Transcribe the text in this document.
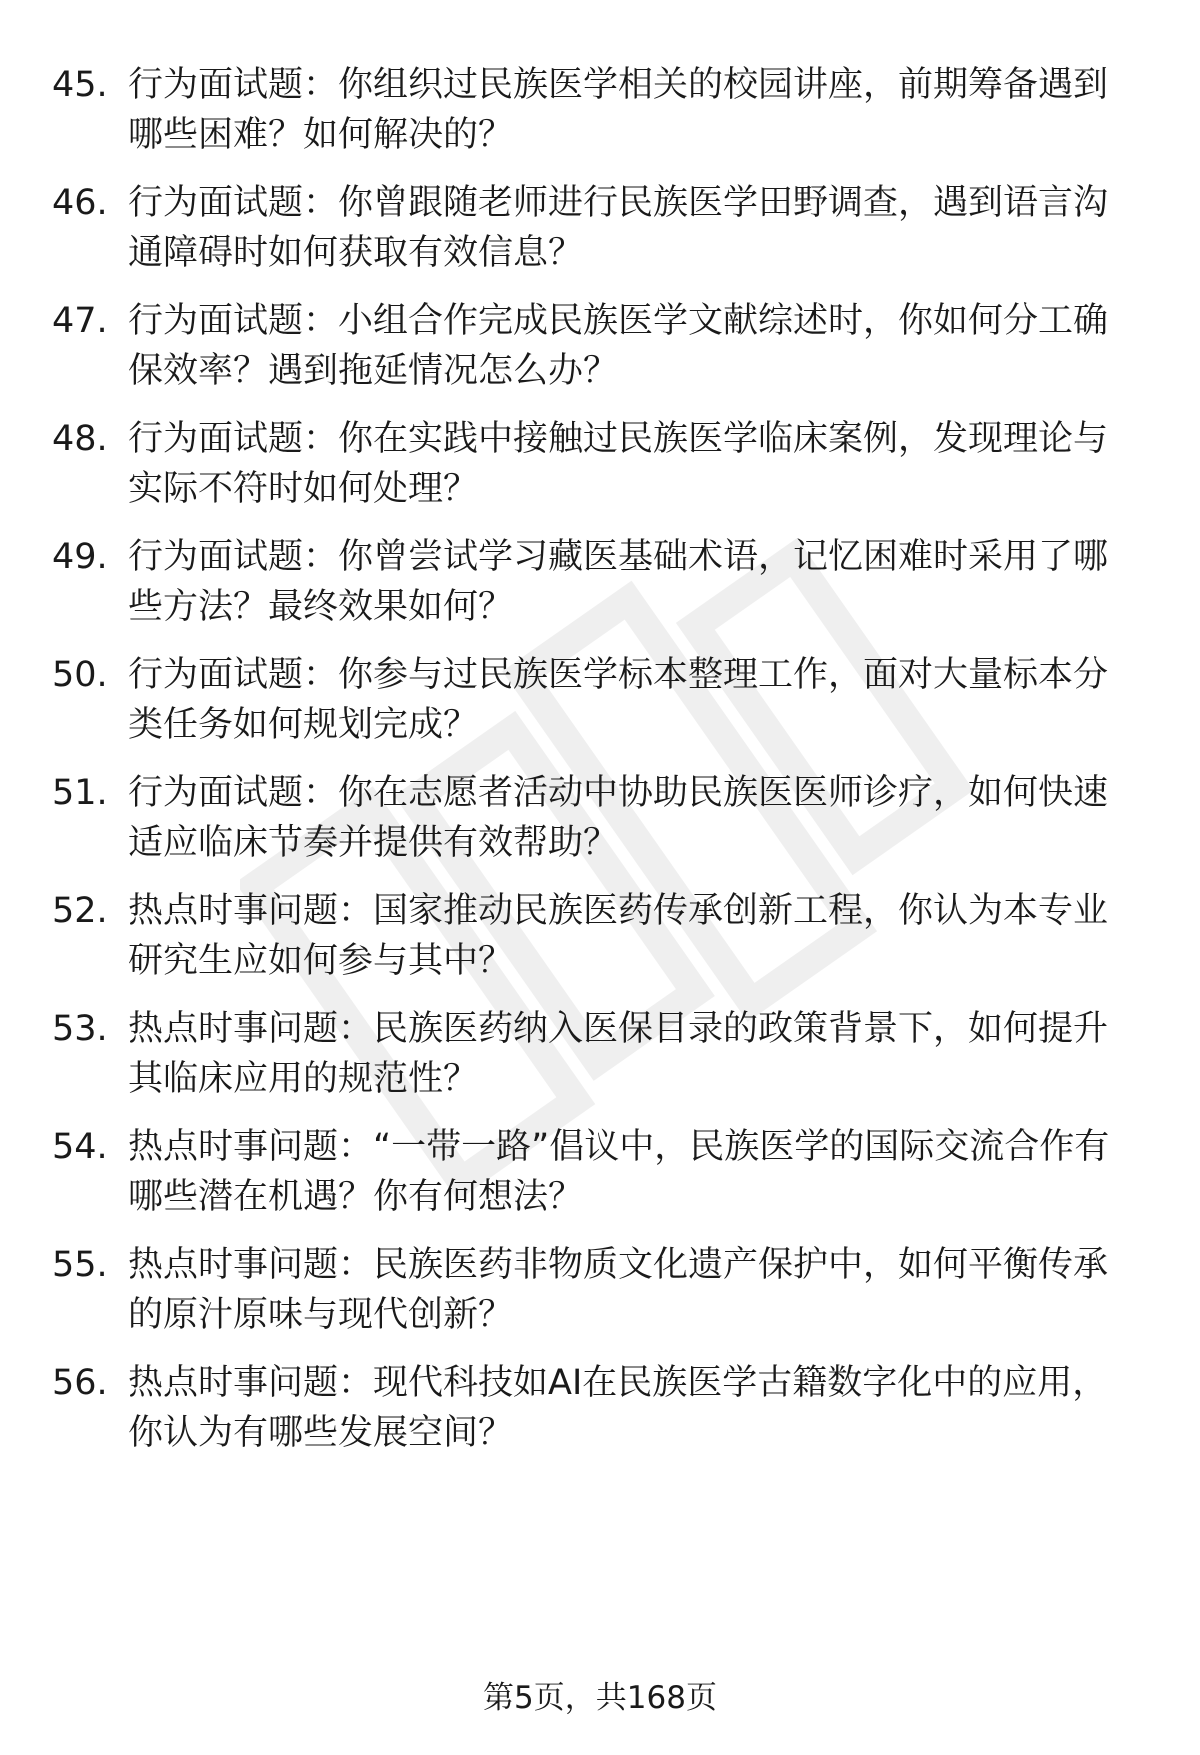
45. 行为面试题：你组织过民族医学相关的校园讲座，前期筹备遇到哪些困难？如何解决的？
46. 行为面试题：你曾跟随老师进行民族医学田野调查，遇到语言沟通障碍时如何获取有效信息？
47. 行为面试题：小组合作完成民族医学文献综述时，你如何分工确保效率？遇到拖延情况怎么办？
48. 行为面试题：你在实践中接触过民族医学临床案例，发现理论与实际不符时如何处理？
49. 行为面试题：你曾尝试学习藏医基础术语，记忆困难时采用了哪些方法？最终效果如何？
50. 行为面试题：你参与过民族医学标本整理工作，面对大量标本分类任务如何规划完成？
51. 行为面试题：你在志愿者活动中协助民族医医师诊疗，如何快速适应临床节奏并提供有效帮助？
52. 热点时事问题：国家推动民族医药传承创新工程，你认为本专业研究生应如何参与其中？
53. 热点时事问题：民族医药纳入医保目录的政策背景下，如何提升其临床应用的规范性？
54. 热点时事问题：“一带一路”倡议中，民族医学的国际交流合作有哪些潜在机遇？你有何想法？
55. 热点时事问题：民族医药非物质文化遗产保护中，如何平衡传承的原汁原味与现代创新？
56. 热点时事问题：现代科技如AI在民族医学古籍数字化中的应用，你认为有哪些发展空间？
第5页，共168页
